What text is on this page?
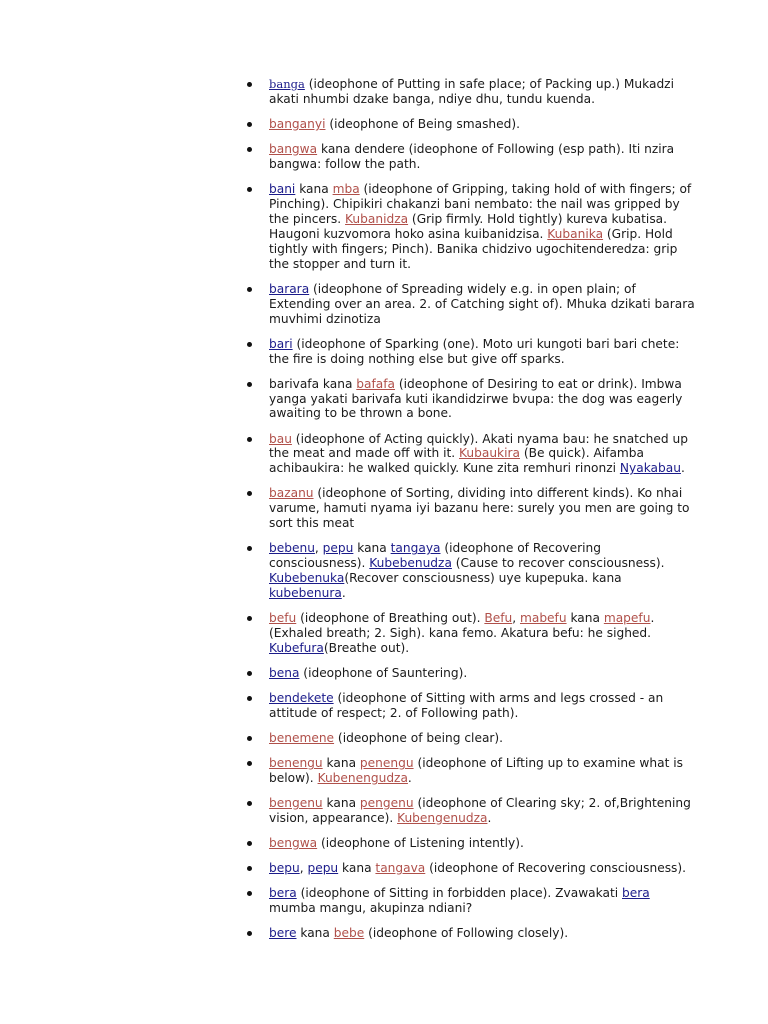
banga (ideophone of Putting in safe place; of Packing up.) Mukadzi akati nhumbi dzake banga, ndiye dhu, tundu kuenda.
banganyi (ideophone of Being smashed).
bangwa kana dendere (ideophone of Following (esp path). Iti nzira bangwa: follow the path.
bani kana mba (ideophone of Gripping, taking hold of with fingers; of Pinching). Chipikiri chakanzi bani nembato: the nail was gripped by the pincers. Kubanidza (Grip firmly. Hold tightly) kureva kubatisa. Haugoni kuzvomora hoko asina kuibanidzisa. Kubanika (Grip. Hold tightly with fingers; Pinch). Banika chidzivo ugochitenderedza: grip the stopper and turn it.
barara (ideophone of Spreading widely e.g. in open plain; of Extending over an area. 2. of Catching sight of). Mhuka dzikati barara muvhimi dzinotiza
bari (ideophone of Sparking (one). Moto uri kungoti bari bari chete: the fire is doing nothing else but give off sparks.
barivafa kana bafafa (ideophone of Desiring to eat or drink). Imbwa yanga yakati barivafa kuti ikandidzirwe bvupa: the dog was eagerly awaiting to be thrown a bone.
bau (ideophone of Acting quickly). Akati nyama bau: he snatched up the meat and made off with it. Kubaukira (Be quick). Aifamba achibaukira: he walked quickly. Kune zita remhuri rinonzi Nyakabau.
bazanu (ideophone of Sorting, dividing into different kinds). Ko nhai varume, hamuti nyama iyi bazanu here: surely you men are going to sort this meat
bebenu, pepu kana tangaya (ideophone of Recovering consciousness). Kubebenudza (Cause to recover consciousness). Kubebenuka(Recover consciousness) uye kupepuka. kana kubebenura.
befu (ideophone of Breathing out). Befu, mabefu kana mapefu. (Exhaled breath; 2. Sigh). kana femo. Akatura befu: he sighed. Kubefura(Breathe out).
bena (ideophone of Sauntering).
bendekete (ideophone of Sitting with arms and legs crossed - an attitude of respect; 2. of Following path).
benemene (ideophone of being clear).
benengu kana penengu (ideophone of Lifting up to examine what is below). Kubenengudza.
bengenu kana pengenu (ideophone of Clearing sky; 2. of,Brightening vision, appearance). Kubengenudza.
bengwa (ideophone of Listening intently).
bepu, pepu kana tangava (ideophone of Recovering consciousness).
bera (ideophone of Sitting in forbidden place). Zvawakati bera mumba mangu, akupinza ndiani?
bere kana bebe (ideophone of Following closely).
